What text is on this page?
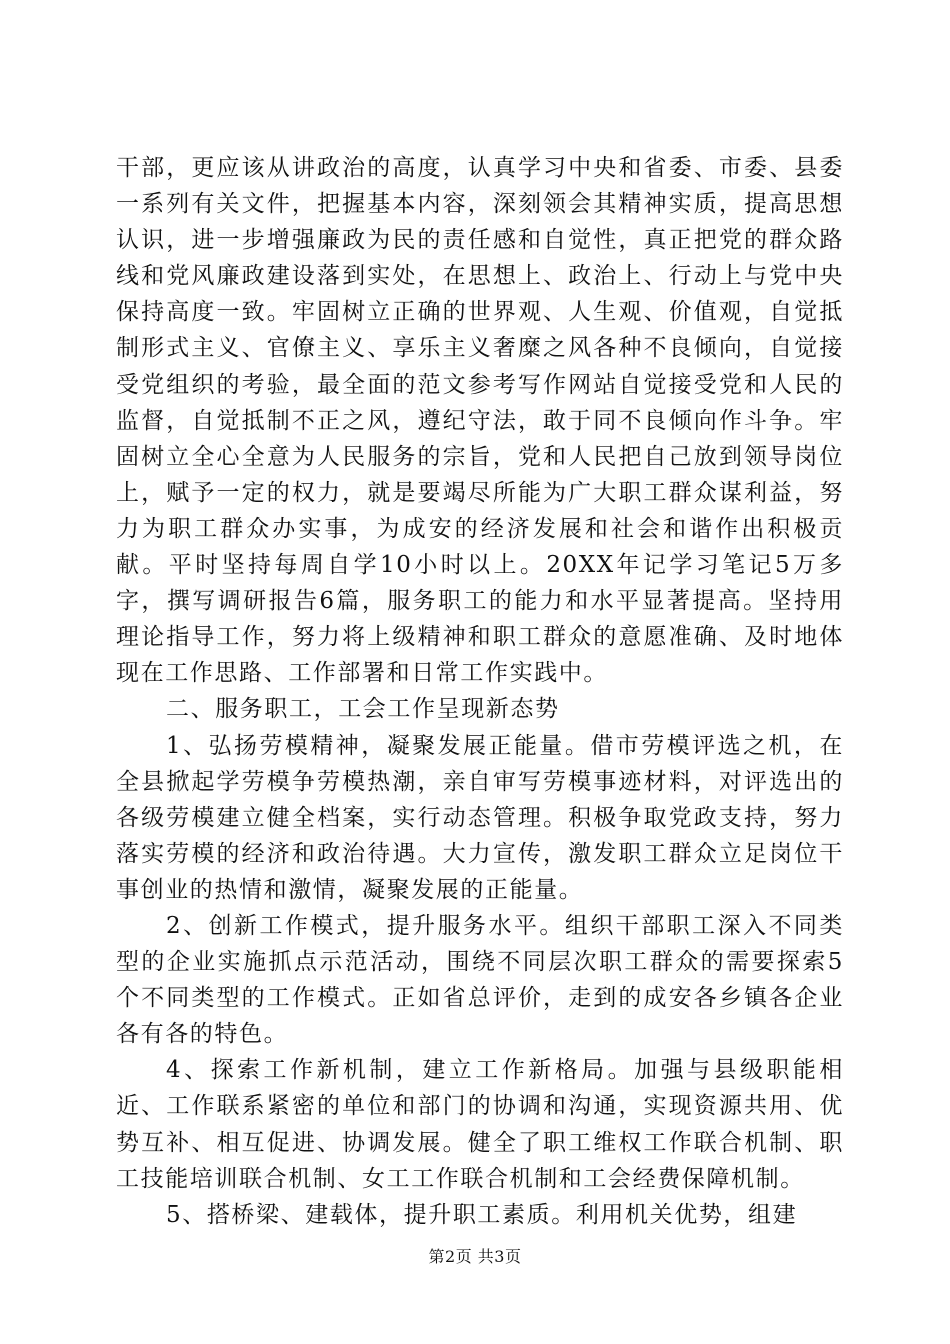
干部，更应该从讲政治的高度，认真学习中央和省委、市委、县委一系列有关文件，把握基本内容，深刻领会其精神实质，提高思想认识，进一步增强廉政为民的责任感和自觉性，真正把党的群众路线和党风廉政建设落到实处，在思想上、政治上、行动上与党中央保持高度一致。牢固树立正确的世界观、人生观、价值观，自觉抵制形式主义、官僚主义、享乐主义奢糜之风各种不良倾向，自觉接受党组织的考验，最全面的范文参考写作网站自觉接受党和人民的监督，自觉抵制不正之风，遵纪守法，敢于同不良倾向作斗争。牢固树立全心全意为人民服务的宗旨，党和人民把自己放到领导岗位上，赋予一定的权力，就是要竭尽所能为广大职工群众谋利益，努力为职工群众办实事，为成安的经济发展和社会和谐作出积极贡献。平时坚持每周自学10小时以上。20XX年记学习笔记5万多字，撰写调研报告6篇，服务职工的能力和水平显著提高。坚持用理论指导工作，努力将上级精神和职工群众的意愿准确、及时地体现在工作思路、工作部署和日常工作实践中。

二、服务职工，工会工作呈现新态势

1、弘扬劳模精神，凝聚发展正能量。借市劳模评选之机，在全县掀起学劳模争劳模热潮，亲自审写劳模事迹材料，对评选出的各级劳模建立健全档案，实行动态管理。积极争取党政支持，努力落实劳模的经济和政治待遇。大力宣传，激发职工群众立足岗位干事创业的热情和激情，凝聚发展的正能量。

2、创新工作模式，提升服务水平。组织干部职工深入不同类型的企业实施抓点示范活动，围绕不同层次职工群众的需要探索5个不同类型的工作模式。正如省总评价，走到的成安各乡镇各企业各有各的特色。

4、探索工作新机制，建立工作新格局。加强与县级职能相近、工作联系紧密的单位和部门的协调和沟通，实现资源共用、优势互补、相互促进、协调发展。健全了职工维权工作联合机制、职工技能培训联合机制、女工工作联合机制和工会经费保障机制。

5、搭桥梁、建载体，提升职工素质。利用机关优势，组建

第2页 共3页
